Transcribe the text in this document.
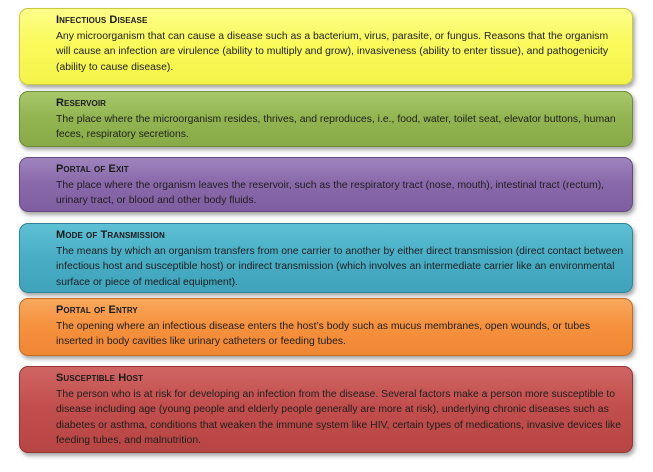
Infectious Disease

Any microorganism that can cause a disease such as a bacterium, virus, parasite, or fungus. Reasons that the organism will cause an infection are virulence (ability to multiply and grow), invasiveness (ability to enter tissue), and pathogenicity (ability to cause disease).

Reservoir

The place where the microorganism resides, thrives, and reproduces, i.e., food, water, toilet seat, elevator buttons, human feces, respiratory secretions.

Portal of Exit

The place where the organism leaves the reservoir, such as the respiratory tract (nose, mouth), intestinal tract (rectum), urinary tract, or blood and other body fluids.

Mode of Transmission

The means by which an organism transfers from one carrier to another by either direct transmission (direct contact between infectious host and susceptible host) or indirect transmission (which involves an intermediate carrier like an environmental surface or piece of medical equipment).

Portal of Entry

The opening where an infectious disease enters the host’s body such as mucus membranes, open wounds, or tubes inserted in body cavities like urinary catheters or feeding tubes.

Susceptible Host

The person who is at risk for developing an infection from the disease. Several factors make a person more susceptible to disease including age (young people and elderly people generally are more at risk), underlying chronic diseases such as diabetes or asthma, conditions that weaken the immune system like HIV, certain types of medications, invasive devices like feeding tubes, and malnutrition.
